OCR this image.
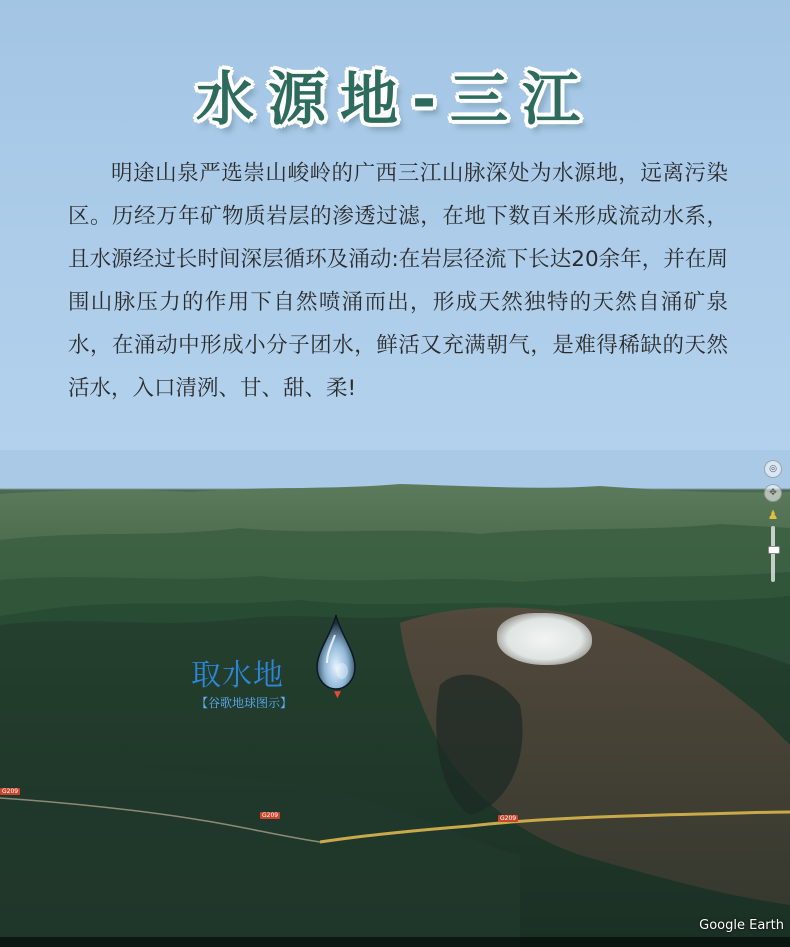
水源地-三江
明途山泉严选崇山峻岭的广西三江山脉深处为水源地，远离污染区。历经万年矿物质岩层的渗透过滤，在地下数百米形成流动水系，且水源经过长时间深层循环及涌动:在岩层径流下长达20余年，并在周围山脉压力的作用下自然喷涌而出，形成天然独特的天然自涌矿泉水，在涌动中形成小分子团水，鲜活又充满朝气，是难得稀缺的天然活水，入口清洌、甘、甜、柔!
取水地
【谷歌地球图示】
▼
G209	G209
G209
◎
✥
♟
Google Earth
